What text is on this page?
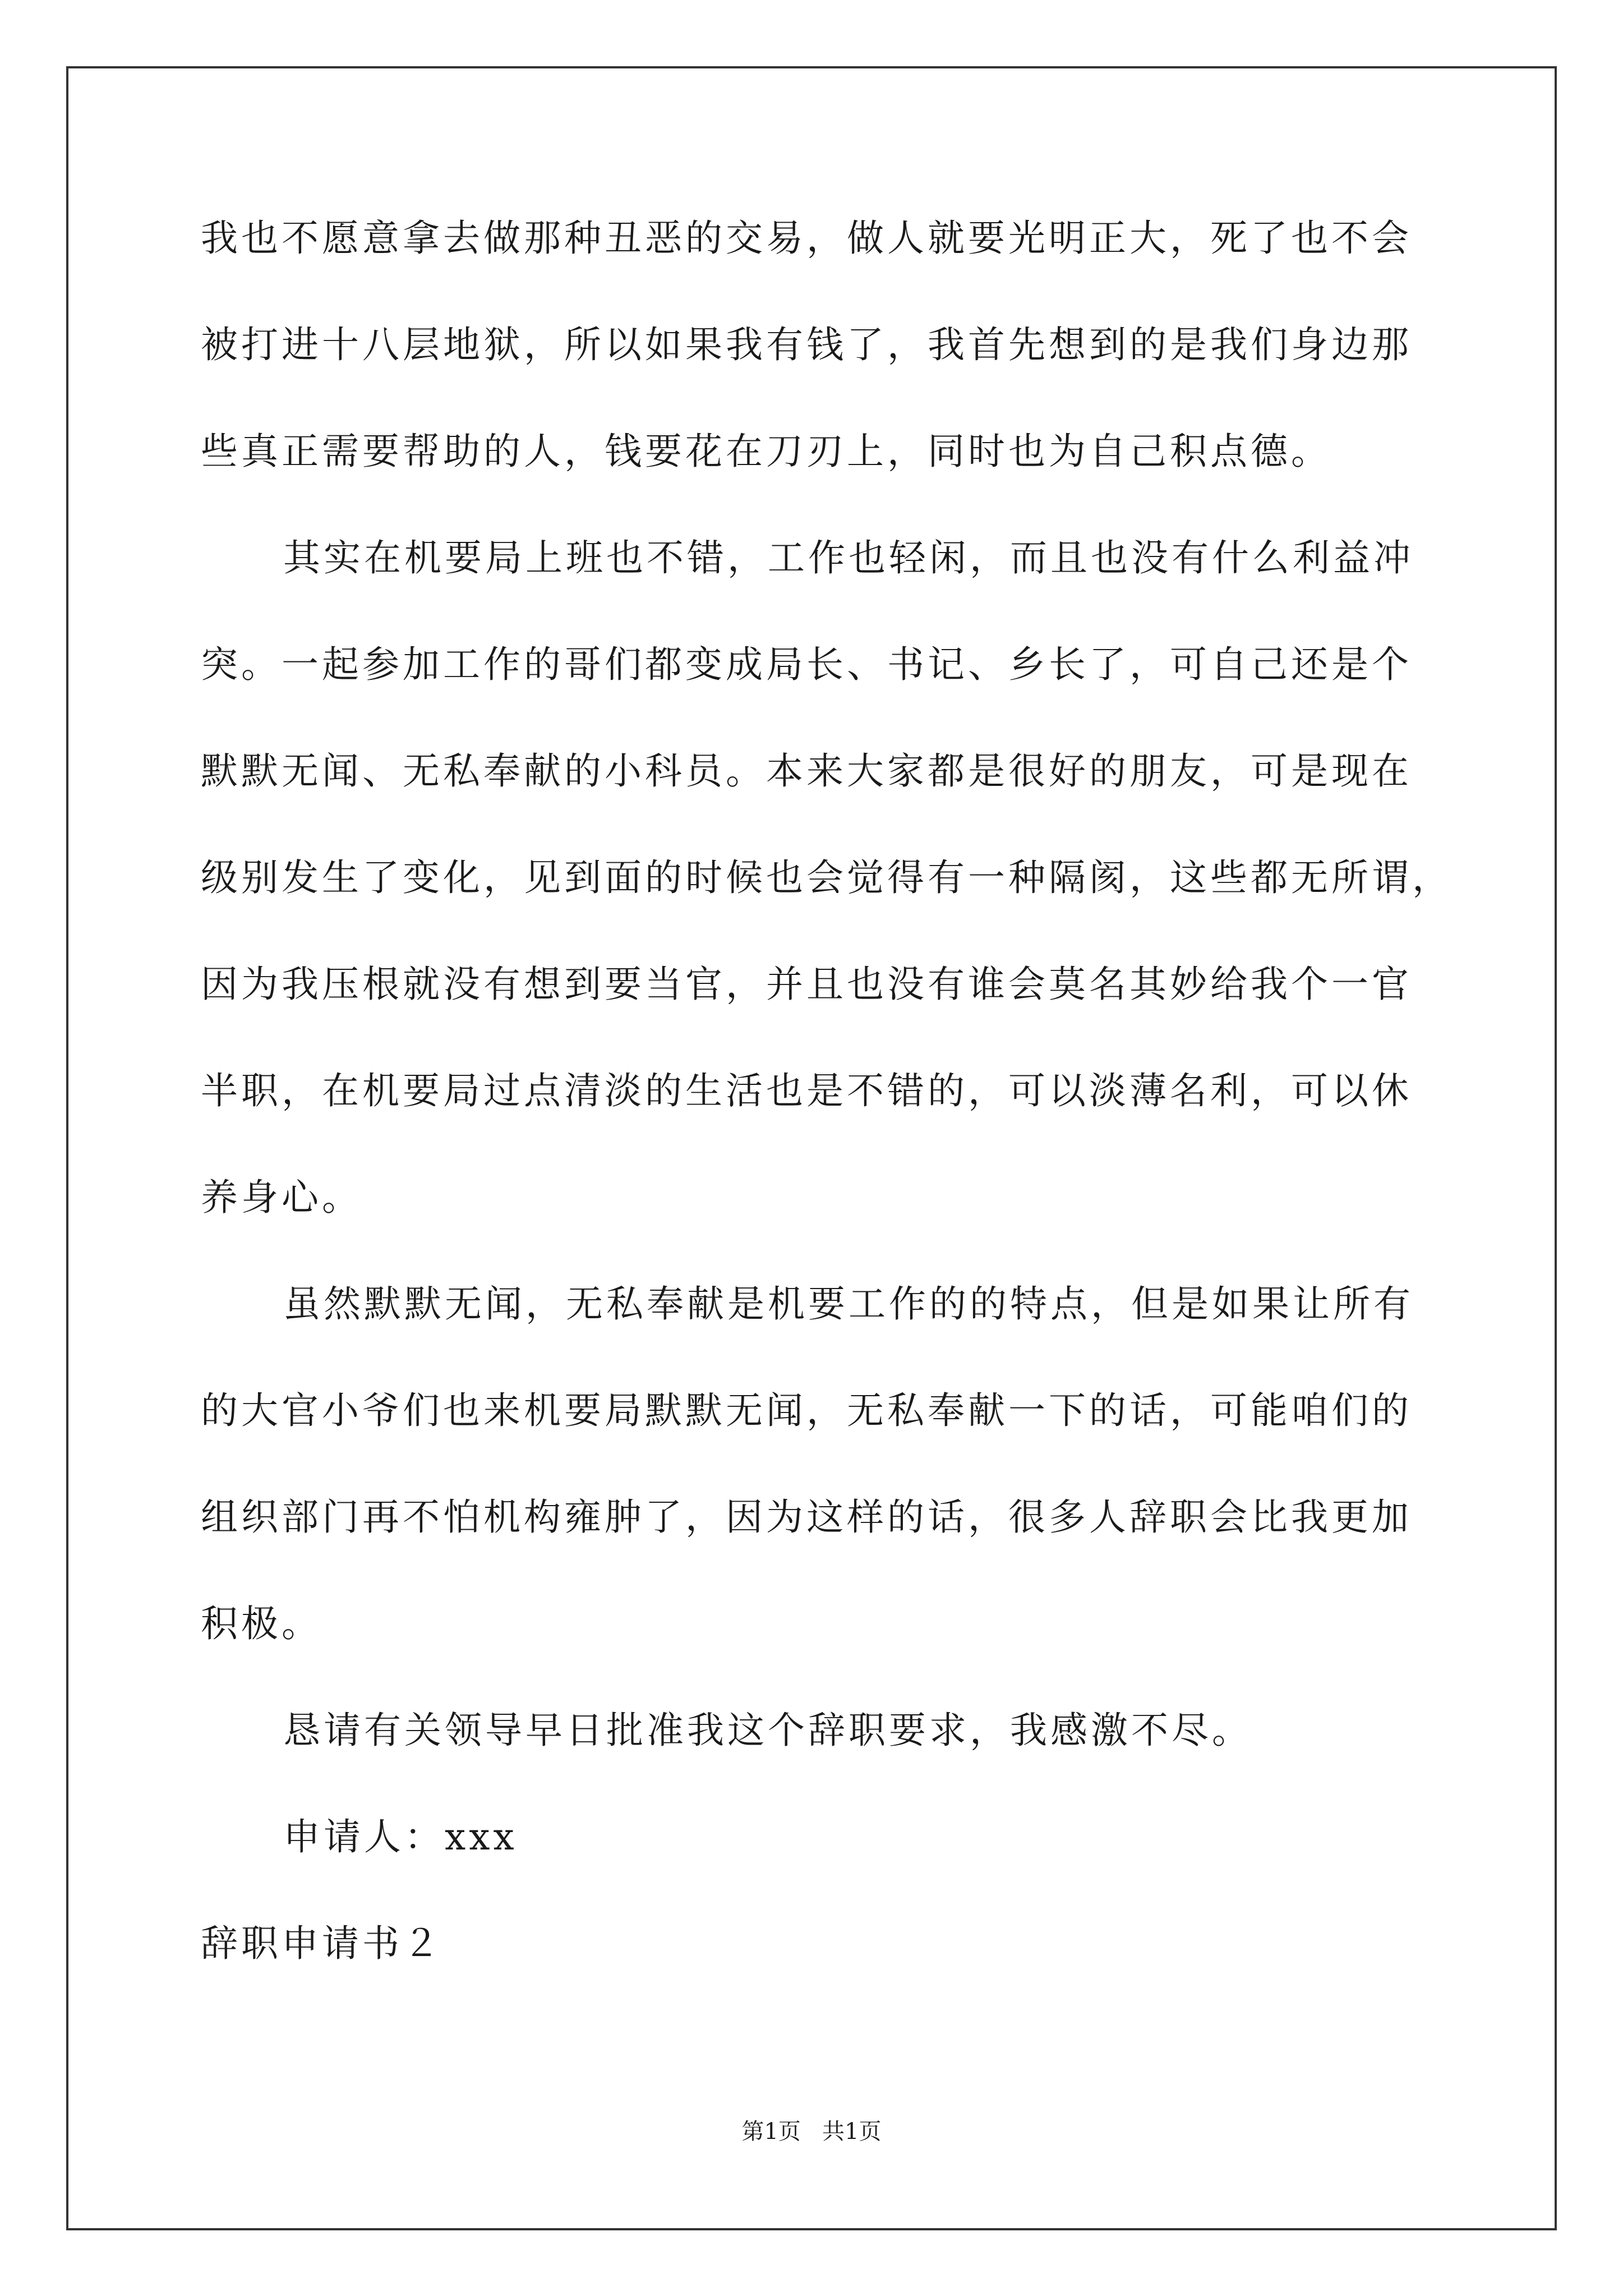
我也不愿意拿去做那种丑恶的交易，做人就要光明正大，死了也不会
被打进十八层地狱，所以如果我有钱了，我首先想到的是我们身边那
些真正需要帮助的人，钱要花在刀刃上，同时也为自己积点德。
其实在机要局上班也不错，工作也轻闲，而且也没有什么利益冲
突。一起参加工作的哥们都变成局长、书记、乡长了，可自己还是个
默默无闻、无私奉献的小科员。本来大家都是很好的朋友，可是现在
级别发生了变化，见到面的时候也会觉得有一种隔阂，这些都无所谓，
因为我压根就没有想到要当官，并且也没有谁会莫名其妙给我个一官
半职，在机要局过点清淡的生活也是不错的，可以淡薄名利，可以休
养身心。
虽然默默无闻，无私奉献是机要工作的的特点，但是如果让所有
的大官小爷们也来机要局默默无闻，无私奉献一下的话，可能咱们的
组织部门再不怕机构雍肿了，因为这样的话，很多人辞职会比我更加
积极。
恳请有关领导早日批准我这个辞职要求，我感激不尽。
申请人：xxx
辞职申请书２
第1页   共1页
